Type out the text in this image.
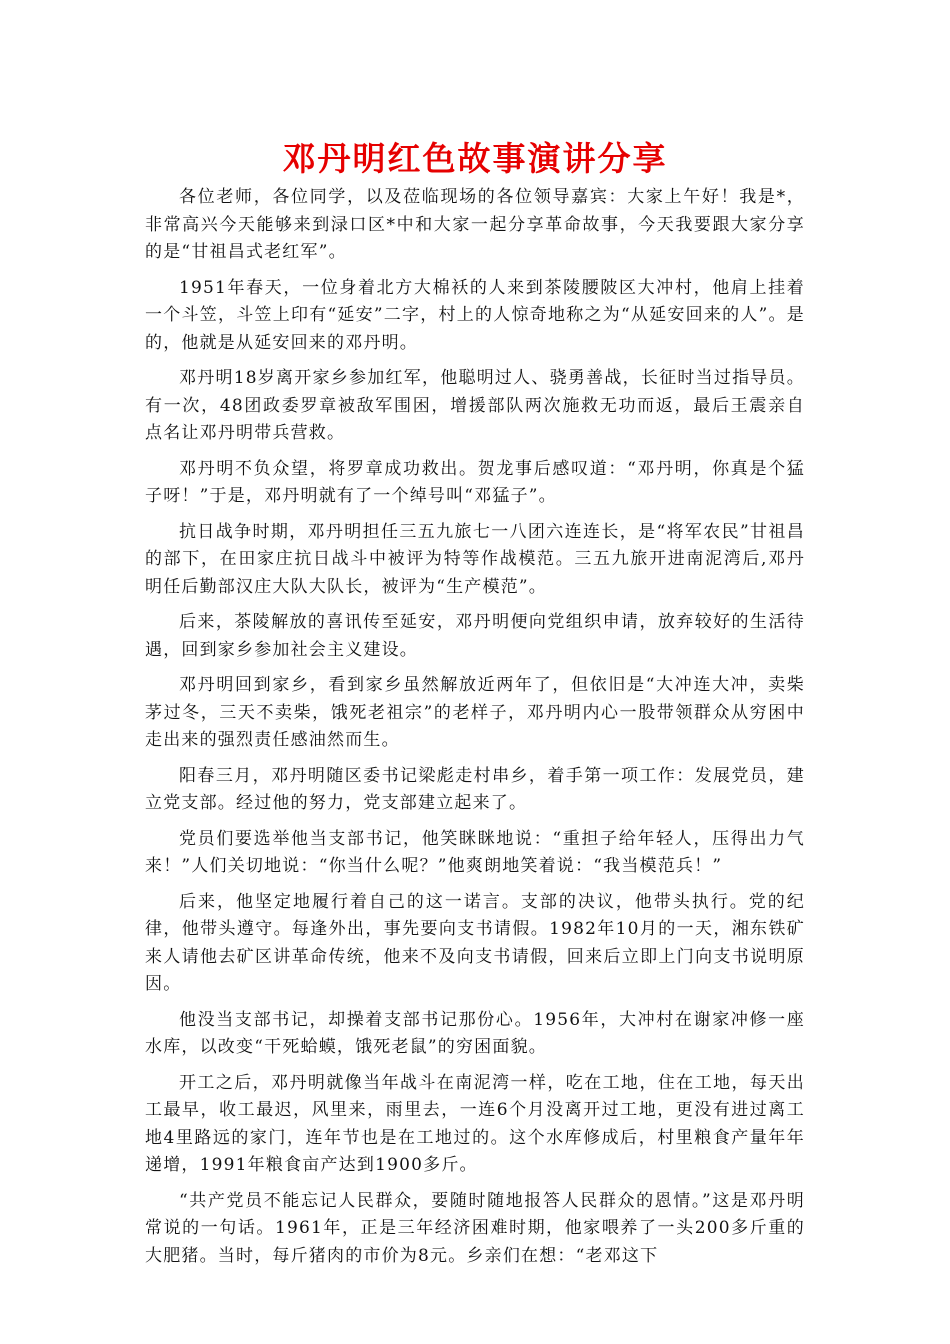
邓丹明红色故事演讲分享

各位老师，各位同学，以及莅临现场的各位领导嘉宾：大家上午好！我是*，非常高兴今天能够来到渌口区*中和大家一起分享革命故事，今天我要跟大家分享的是“甘祖昌式老红军”。

1951年春天，一位身着北方大棉袄的人来到茶陵腰陂区大冲村，他肩上挂着一个斗笠，斗笠上印有“延安”二字，村上的人惊奇地称之为“从延安回来的人”。是的，他就是从延安回来的邓丹明。

邓丹明18岁离开家乡参加红军，他聪明过人、骁勇善战，长征时当过指导员。有一次，48团政委罗章被敌军围困，增援部队两次施救无功而返，最后王震亲自点名让邓丹明带兵营救。

邓丹明不负众望，将罗章成功救出。贺龙事后感叹道：“邓丹明，你真是个猛子呀！”于是，邓丹明就有了一个绰号叫“邓猛子”。

抗日战争时期，邓丹明担任三五九旅七一八团六连连长，是“将军农民”甘祖昌的部下，在田家庄抗日战斗中被评为特等作战模范。三五九旅开进南泥湾后,邓丹明任后勤部汉庄大队大队长，被评为“生产模范”。

后来，茶陵解放的喜讯传至延安，邓丹明便向党组织申请，放弃较好的生活待遇，回到家乡参加社会主义建设。

邓丹明回到家乡，看到家乡虽然解放近两年了，但依旧是“大冲连大冲，卖柴茅过冬，三天不卖柴，饿死老祖宗”的老样子，邓丹明内心一股带领群众从穷困中走出来的强烈责任感油然而生。

阳春三月，邓丹明随区委书记梁彪走村串乡，着手第一项工作：发展党员，建立党支部。经过他的努力，党支部建立起来了。

党员们要选举他当支部书记，他笑眯眯地说：“重担子给年轻人，压得出力气来！”人们关切地说：“你当什么呢？”他爽朗地笑着说：“我当模范兵！”

后来，他坚定地履行着自己的这一诺言。支部的决议，他带头执行。党的纪律，他带头遵守。每逢外出，事先要向支书请假。1982年10月的一天，湘东铁矿来人请他去矿区讲革命传统，他来不及向支书请假，回来后立即上门向支书说明原因。

他没当支部书记，却操着支部书记那份心。1956年，大冲村在谢家冲修一座水库，以改变“干死蛤蟆，饿死老鼠”的穷困面貌。

开工之后，邓丹明就像当年战斗在南泥湾一样，吃在工地，住在工地，每天出工最早，收工最迟，风里来，雨里去，一连6个月没离开过工地，更没有进过离工地4里路远的家门，连年节也是在工地过的。这个水库修成后，村里粮食产量年年递增，1991年粮食亩产达到1900多斤。

“共产党员不能忘记人民群众，要随时随地报答人民群众的恩情。”这是邓丹明常说的一句话。1961年，正是三年经济困难时期，他家喂养了一头200多斤重的大肥猪。当时，每斤猪肉的市价为8元。乡亲们在想：“老邓这下
